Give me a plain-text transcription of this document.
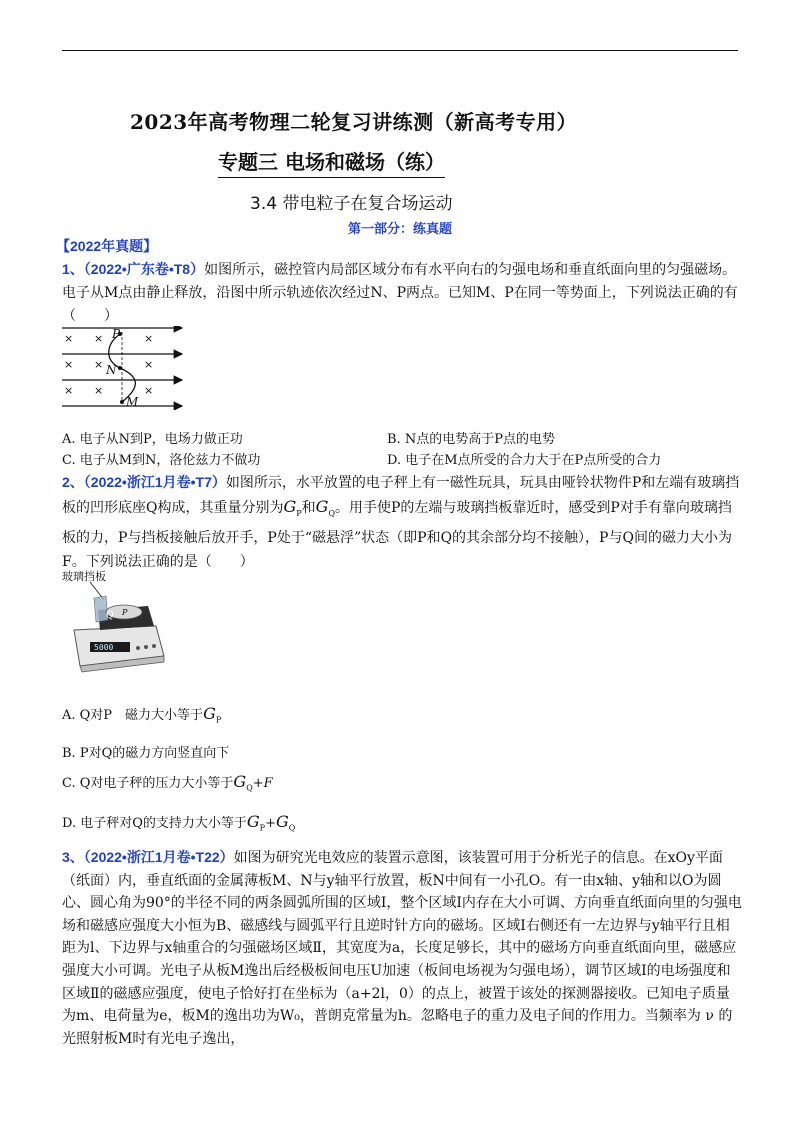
2023年高考物理二轮复习讲练测（新高考专用）
专题三 电场和磁场（练）
3.4 带电粒子在复合场运动
第一部分：练真题
【2022年真题】
1、（2022•广东卷•T8）如图所示，磁控管内局部区域分布有水平向右的匀强电场和垂直纸面向里的匀强磁场。电子从M点由静止释放，沿图中所示轨迹依次经过N、P两点。已知M、P在同一等势面上，下列说法正确的有（　　）
× ×	×
× ×	×
× ×	×
P
N
M
A. 电子从N到P，电场力做正功	B. N点的电势高于P点的电势
C. 电子从M到N，洛伦兹力不做功	D. 电子在M点所受的合力大于在P点所受的合力
2、（2022•浙江1月卷•T7）如图所示，水平放置的电子秤上有一磁性玩具，玩具由哑铃状物件P和左端有玻璃挡板的凹形底座Q构成，其重量分别为$G_P$和$G_Q$。用手使P的左端与玻璃挡板靠近时，感受到P对手有靠向玻璃挡板的力，P与挡板接触后放开手，P处于“磁悬浮”状态（即P和Q的其余部分均不接触），P与Q间的磁力大小为F。下列说法正确的是（　　）
玻璃挡板
5000
Q P
A. Q对P　磁力大小等于$G_P$
B. P对Q的磁力方向竖直向下
C. Q对电子秤的压力大小等于$G_Q+F$
D. 电子秤对Q的支持力大小等于$G_P+G_Q$
3、（2022•浙江1月卷•T22）如图为研究光电效应的装置示意图，该装置可用于分析光子的信息。在xOy平面（纸面）内，垂直纸面的金属薄板M、N与y轴平行放置，板N中间有一小孔O。有一由x轴、y轴和以O为圆心、圆心角为90°的半径不同的两条圆弧所围的区域Ⅰ，整个区域Ⅰ内存在大小可调、方向垂直纸面向里的匀强电场和磁感应强度大小恒为B、磁感线与圆弧平行且逆时针方向的磁场。区域Ⅰ右侧还有一左边界与y轴平行且相距为l、下边界与x轴重合的匀强磁场区域Ⅱ，其宽度为a，长度足够长，其中的磁场方向垂直纸面向里，磁感应强度大小可调。光电子从板M逸出后经极板间电压U加速（板间电场视为匀强电场），调节区域Ⅰ的电场强度和区域Ⅱ的磁感应强度，使电子恰好打在坐标为（a+2l，0）的点上，被置于该处的探测器接收。已知电子质量为m、电荷量为e，板M的逸出功为W₀，普朗克常量为h。忽略电子的重力及电子间的作用力。当频率为 ν 的光照射板M时有光电子逸出，
